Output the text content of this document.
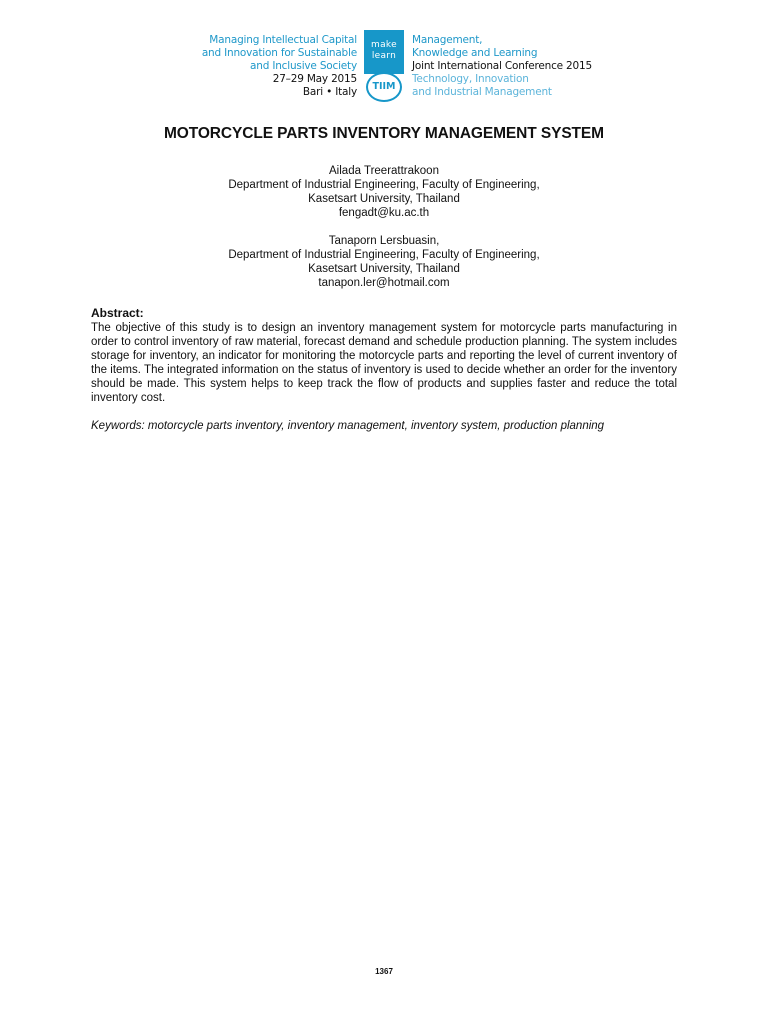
Managing Intellectual Capital
and Innovation for Sustainable
and Inclusive Society
27–29 May 2015
Bari • Italy
make
learn
TIIM
Management,
Knowledge and Learning
Joint International Conference 2015
Technology, Innovation
and Industrial Management
MOTORCYCLE PARTS INVENTORY MANAGEMENT SYSTEM
Ailada Treerattrakoon
Department of Industrial Engineering, Faculty of Engineering,
Kasetsart University, Thailand
fengadt@ku.ac.th
Tanaporn Lersbuasin,
Department of Industrial Engineering, Faculty of Engineering,
Kasetsart University, Thailand
tanapon.ler@hotmail.com
Abstract:
The objective of this study is to design an inventory management system for motorcycle parts manufacturing in order to control inventory of raw material, forecast demand and schedule production planning. The system includes storage for inventory, an indicator for monitoring the motorcycle parts and reporting the level of current inventory of the items. The integrated information on the status of inventory is used to decide whether an order for the inventory should be made. This system helps to keep track the flow of products and supplies faster and reduce the total inventory cost.
Keywords: motorcycle parts inventory, inventory management, inventory system, production planning
1367
